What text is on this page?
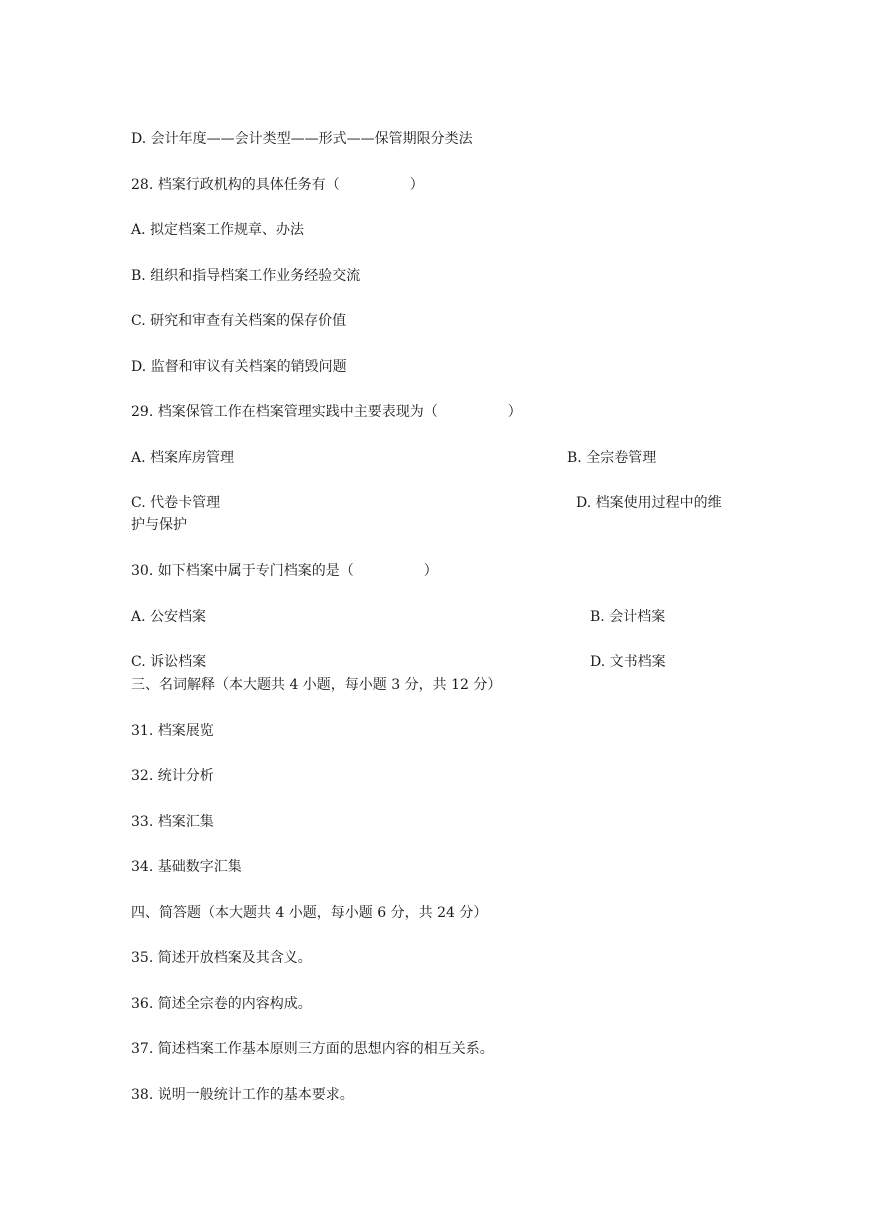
D. 会计年度——会计类型——形式——保管期限分类法
28. 档案行政机构的具体任务有（　　　　　）
A. 拟定档案工作规章、办法
B. 组织和指导档案工作业务经验交流
C. 研究和审查有关档案的保存价值
D. 监督和审议有关档案的销毁问题
29. 档案保管工作在档案管理实践中主要表现为（　　　　　）
A. 档案库房管理	B. 全宗卷管理
C. 代卷卡管理	D. 档案使用过程中的维
护与保护
30. 如下档案中属于专门档案的是（　　　　　）
A. 公安档案	B. 会计档案
C. 诉讼档案	D. 文书档案
三、名词解释（本大题共 4 小题，每小题 3 分，共 12 分）
31. 档案展览
32. 统计分析
33. 档案汇集
34. 基础数字汇集
四、简答题（本大题共 4 小题，每小题 6 分，共 24 分）
35. 简述开放档案及其含义。
36. 简述全宗卷的内容构成。
37. 简述档案工作基本原则三方面的思想内容的相互关系。
38. 说明一般统计工作的基本要求。
